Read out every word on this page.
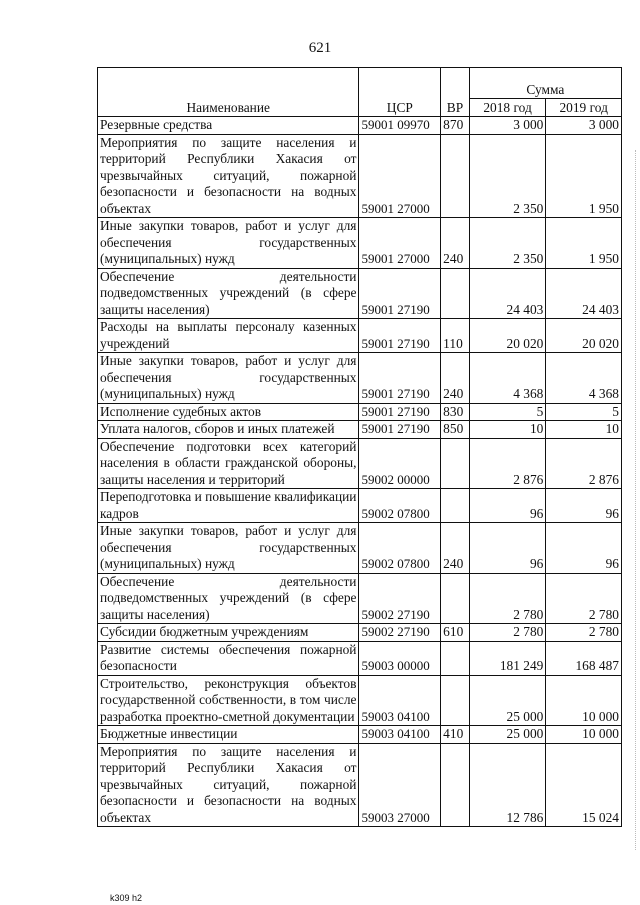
621
Наименование	ЦСР	ВР	Сумма	
			2018 год	2019 год
Резервные средства	59001 09970	870	3 000	3 000
Мероприятия по защите населения и территорий Республики Хакасия от чрезвычайных ситуаций, пожарной безопасности и безопасности на водных объектах	59001 27000		2 350	1 950
Иные закупки товаров, работ и услуг для обеспечения государственных (муниципальных) нужд	59001 27000	240	2 350	1 950
Обеспечение деятельности подведомственных учреждений (в сфере защиты населения)	59001 27190		24 403	24 403
Расходы на выплаты персоналу казенных учреждений	59001 27190	110	20 020	20 020
Иные закупки товаров, работ и услуг для обеспечения государственных (муниципальных) нужд	59001 27190	240	4 368	4 368
Исполнение судебных актов	59001 27190	830	5	5
Уплата налогов, сборов и иных платежей	59001 27190	850	10	10
Обеспечение подготовки всех категорий населения в области гражданской обороны, защиты населения и территорий	59002 00000		2 876	2 876
Переподготовка и повышение квалификации кадров	59002 07800		96	96
Иные закупки товаров, работ и услуг для обеспечения государственных (муниципальных) нужд	59002 07800	240	96	96
Обеспечение деятельности подведомственных учреждений (в сфере защиты населения)	59002 27190		2 780	2 780
Субсидии бюджетным учреждениям	59002 27190	610	2 780	2 780
Развитие системы обеспечения пожарной безопасности	59003 00000		181 249	168 487
Строительство, реконструкция объектов государственной собственности, в том числе разработка проектно-сметной документации	59003 04100		25 000	10 000
Бюджетные инвестиции	59003 04100	410	25 000	10 000
Мероприятия по защите населения и территорий Республики Хакасия от чрезвычайных ситуаций, пожарной безопасности и безопасности на водных объектах	59003 27000		12 786	15 024
k309 h2
